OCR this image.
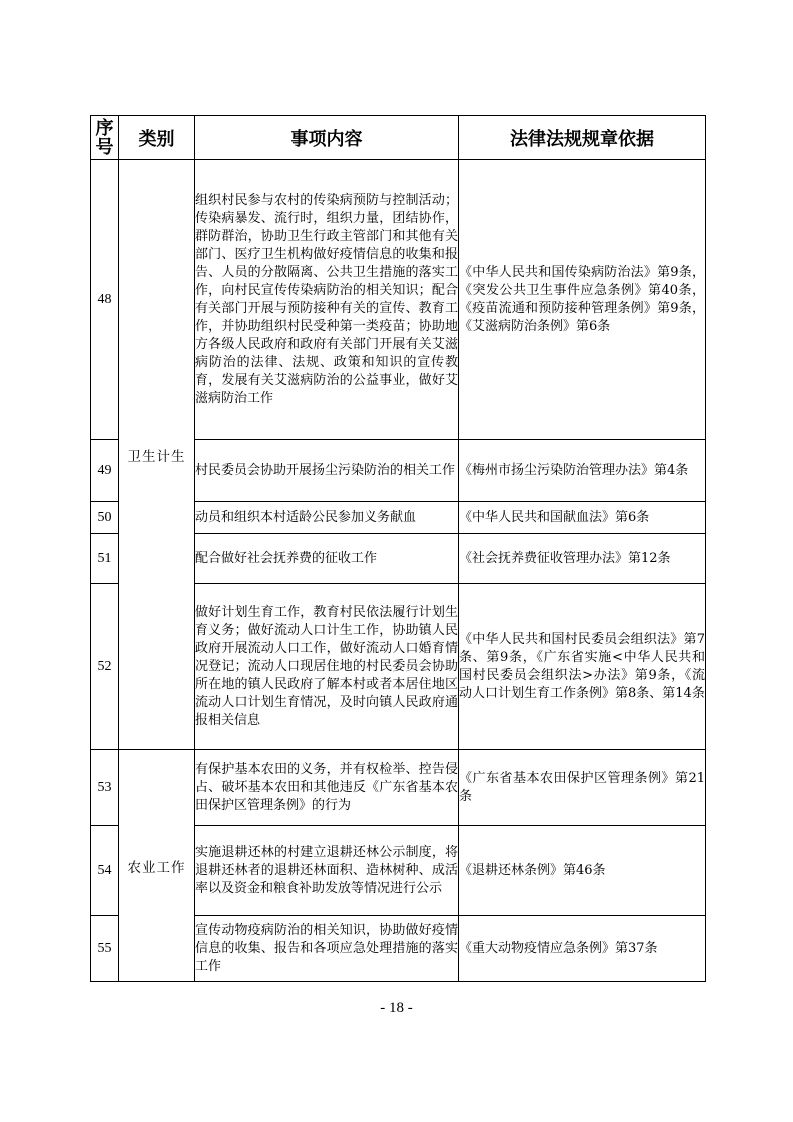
序号	类别	事项内容	法律法规规章依据
48	卫生计生	组织村民参与农村的传染病预防与控制活动；传染病暴发、流行时，组织力量，团结协作，群防群治，协助卫生行政主管部门和其他有关部门、医疗卫生机构做好疫情信息的收集和报告、人员的分散隔离、公共卫生措施的落实工作，向村民宣传传染病防治的相关知识；配合有关部门开展与预防接种有关的宣传、教育工作，并协助组织村民受种第一类疫苗；协助地方各级人民政府和政府有关部门开展有关艾滋病防治的法律、法规、政策和知识的宣传教育，发展有关艾滋病防治的公益事业，做好艾滋病防治工作	《中华人民共和国传染病防治法》第9条，《突发公共卫生事件应急条例》第40条，《疫苗流通和预防接种管理条例》第9条，《艾滋病防治条例》第6条
49		村民委员会协助开展扬尘污染防治的相关工作	《梅州市扬尘污染防治管理办法》第4条
50		动员和组织本村适龄公民参加义务献血	《中华人民共和国献血法》第6条
51		配合做好社会抚养费的征收工作	《社会抚养费征收管理办法》第12条
52		做好计划生育工作，教育村民依法履行计划生育义务；做好流动人口计生工作，协助镇人民政府开展流动人口工作，做好流动人口婚育情况登记；流动人口现居住地的村民委员会协助所在地的镇人民政府了解本村或者本居住地区流动人口计划生育情况，及时向镇人民政府通报相关信息	《中华人民共和国村民委员会组织法》第7条、第9条，《广东省实施<中华人民共和国村民委员会组织法>办法》第9条，《流动人口计划生育工作条例》第8条、第14条
53	农业工作	有保护基本农田的义务，并有权检举、控告侵占、破坏基本农田和其他违反《广东省基本农田保护区管理条例》的行为	《广东省基本农田保护区管理条例》第21条
54		实施退耕还林的村建立退耕还林公示制度，将退耕还林者的退耕还林面积、造林树种、成活率以及资金和粮食补助发放等情况进行公示	《退耕还林条例》第46条
55		宣传动物疫病防治的相关知识，协助做好疫情信息的收集、报告和各项应急处理措施的落实工作	《重大动物疫情应急条例》第37条
- 18 -
